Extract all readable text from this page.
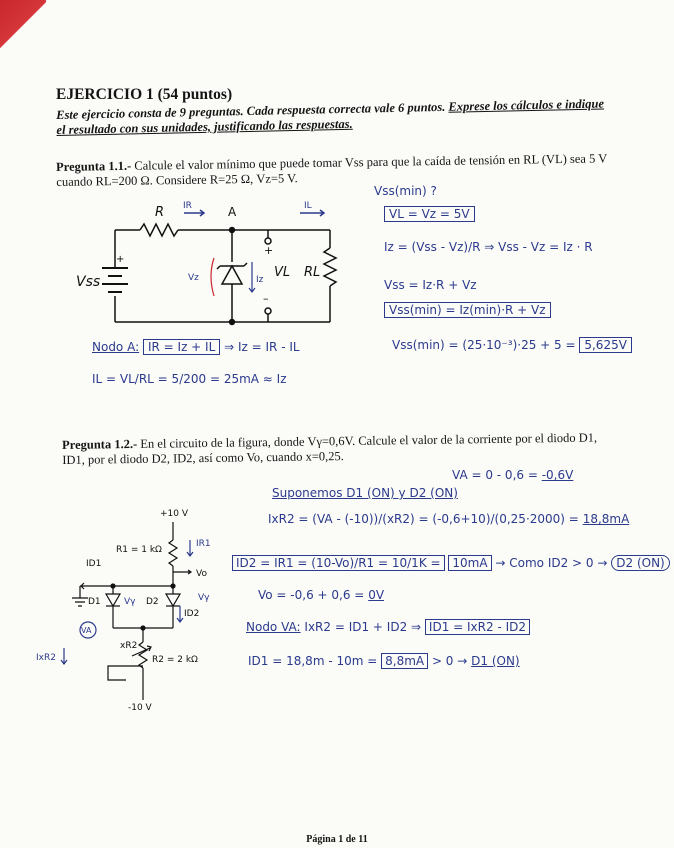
EJERCICIO 1 (54 puntos)
Este ejercicio consta de 9 preguntas. Cada respuesta correcta vale 6 puntos. Exprese los cálculos e indique el resultado con sus unidades, justificando las respuestas.
Pregunta 1.1.- Calcule el valor mínimo que puede tomar Vss para que la caída de tensión en RL (VL) sea 5 V cuando RL=200 Ω. Considere R=25 Ω, Vz=5 V.
R IR	A	IL
+
–
+
Vss	Vz	Iz VL RL
+10 V
R1 = 1 kΩ
IR1
Vo
ID1
D1	D2
Vγ	Vγ
ID2
VA
xR2
IxR2	R2 = 2 kΩ
-10 V
Vss(min) ?
VL = Vz = 5V
Iz = (Vss - Vz)/R ⇒ Vss - Vz = Iz · R
Vss = Iz·R + Vz
Vss(min) = Iz(min)·R + Vz
Vss(min) = (25·10⁻³)·25 + 5 = 5,625V
Nodo A: IR = Iz + IL ⇒ Iz = IR - IL
IL = VL/RL = 5/200 = 25mA ≈ Iz
Pregunta 1.2.- En el circuito de la figura, donde Vγ=0,6V. Calcule el valor de la corriente por el diodo D1, ID1, por el diodo D2, ID2, así como Vo, cuando x=0,25.
VA = 0 - 0,6 = -0,6V
Suponemos D1 (ON) y D2 (ON)
IxR2 = (VA - (-10))/(xR2) = (-0,6+10)/(0,25·2000) = 18,8mA
ID2 = IR1 = (10-Vo)/R1 = 10/1K = 10mA → Como ID2 > 0 → D2 (ON)
Vo = -0,6 + 0,6 = 0V
Nodo VA: IxR2 = ID1 + ID2 ⇒ ID1 = IxR2 - ID2
ID1 = 18,8m - 10m = 8,8mA > 0 → D1 (ON)
Página 1 de 11
